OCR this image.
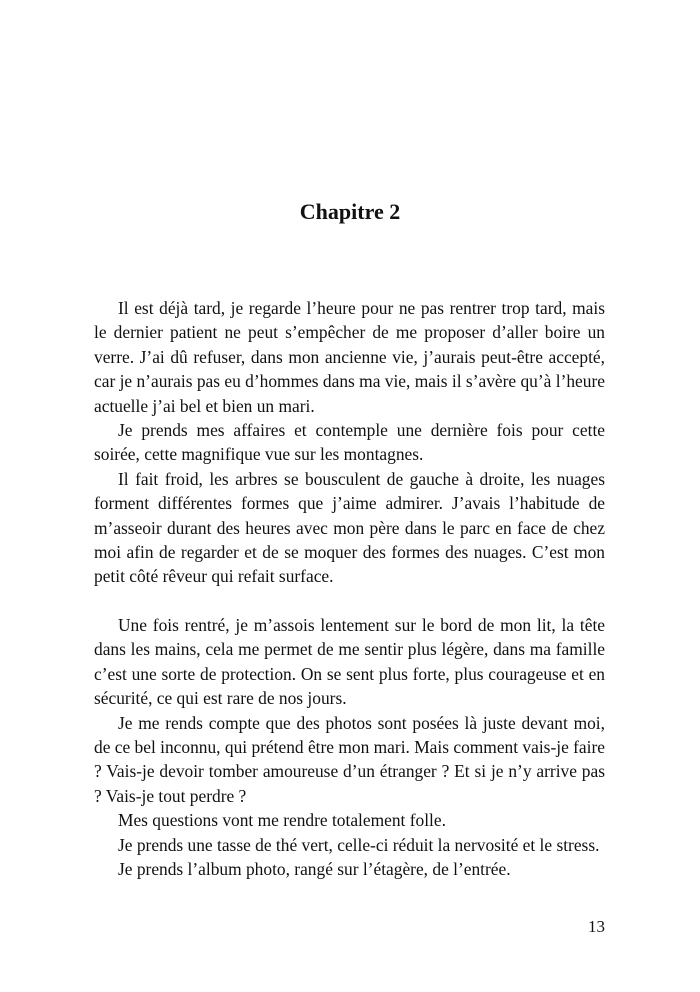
Chapitre 2

Il est déjà tard, je regarde l’heure pour ne pas rentrer trop tard, mais le dernier patient ne peut s’empêcher de me proposer d’aller boire un verre. J’ai dû refuser, dans mon ancienne vie, j’aurais peut-être accepté, car je n’aurais pas eu d’hommes dans ma vie, mais il s’avère qu’à l’heure actuelle j’ai bel et bien un mari.

Je prends mes affaires et contemple une dernière fois pour cette soirée, cette magnifique vue sur les montagnes.

Il fait froid, les arbres se bousculent de gauche à droite, les nuages forment différentes formes que j’aime admirer. J’avais l’habitude de m’asseoir durant des heures avec mon père dans le parc en face de chez moi afin de regarder et de se moquer des formes des nuages. C’est mon petit côté rêveur qui refait surface.

Une fois rentré, je m’assois lentement sur le bord de mon lit, la tête dans les mains, cela me permet de me sentir plus légère, dans ma famille c’est une sorte de protection. On se sent plus forte, plus courageuse et en sécurité, ce qui est rare de nos jours.

Je me rends compte que des photos sont posées là juste devant moi, de ce bel inconnu, qui prétend être mon mari. Mais comment vais-je faire ? Vais-je devoir tomber amoureuse d’un étranger ? Et si je n’y arrive pas ? Vais-je tout perdre ?

Mes questions vont me rendre totalement folle.

Je prends une tasse de thé vert, celle-ci réduit la nervosité et le stress.

Je prends l’album photo, rangé sur l’étagère, de l’entrée.

13
